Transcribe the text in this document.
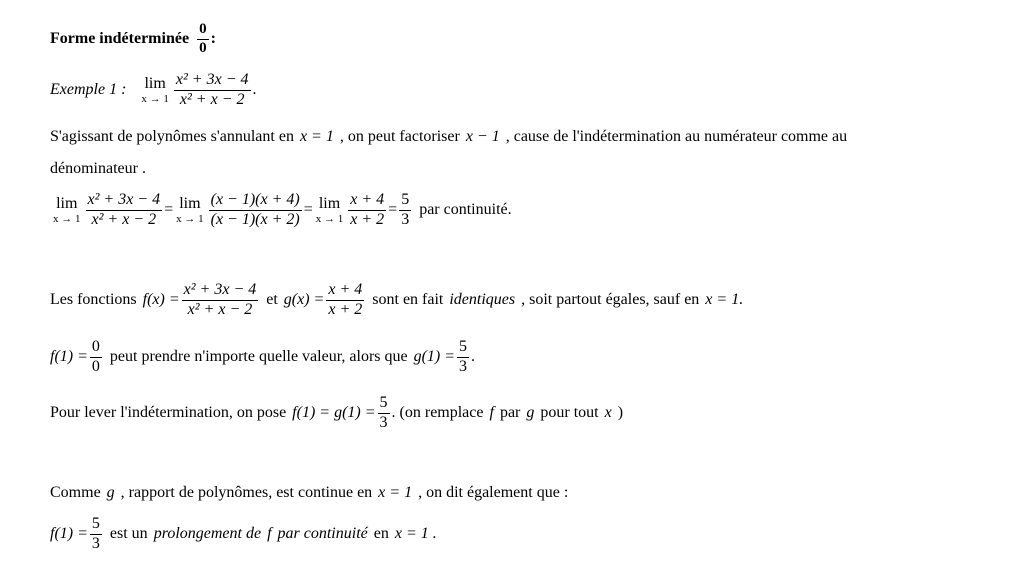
Forme indéterminée $\frac{0}{0}$ :
Exemple 1 : lim
$x \to 1 \frac{\text{x² + 3x − 4}}{\text{x² + x − 2}}$ .
S'agissant de polynômes s'annulant en x = 1 , on peut factoriser x − 1 , cause de l'indétermination au numérateur comme au
dénominateur .
lim
$x \to 1 \frac{\text{x² + 3x − 4}}{\text{x² + x − 2}} = \lim$
$x \to 1 \frac{(x - 1)(x + 4)}{(x - 1)(x + 2)} = \lim$
$x \to 1 \frac{x + 4}{x + 2} = \frac{5}{3}$ par continuité.
Les fonctions $f(x) = \frac{\text{x² + 3x − 4}}{\text{x² + x − 2}}$ et $g(x) = \frac{x + 4}{x + 2}$ sont en fait identiques , soit partout égales, sauf en x = 1.
$f(1) = \frac{0}{0}$ peut prendre n'importe quelle valeur, alors que $g(1) = \frac{5}{3}$ .
Pour lever l'indétermination, on pose $f(1) = g(1) = \frac{5}{3}$ . (on remplace f par g pour tout x )
Comme g , rapport de polynômes, est continue en x = 1 , on dit également que :
$f(1) = \frac{5}{3}$ est un prolongement de f par continuité en x = 1 .
